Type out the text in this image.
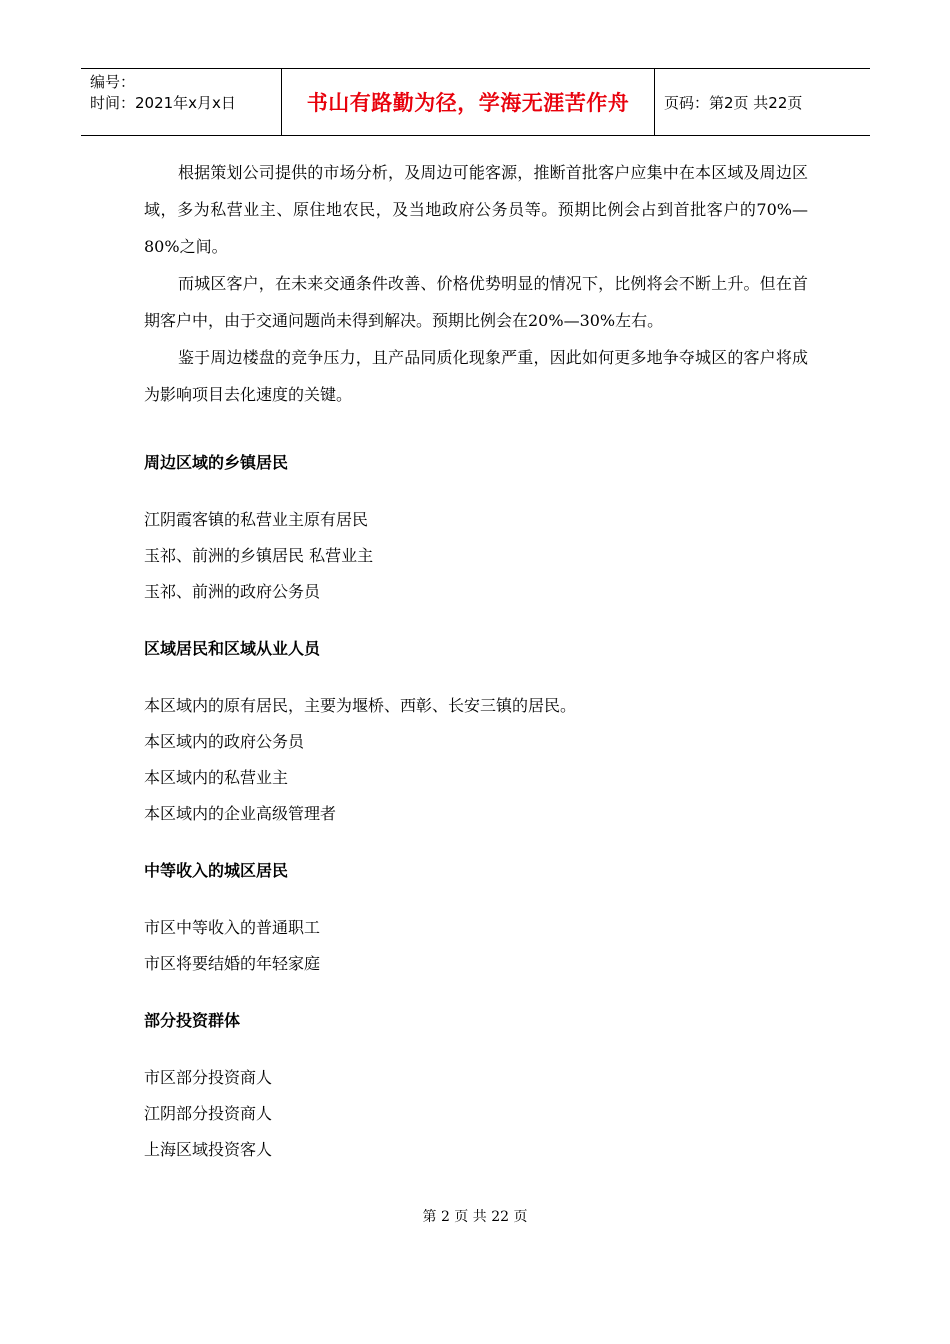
编号：
时间：2021年x月x日	书山有路勤为径，学海无涯苦作舟	页码：第2页 共22页

根据策划公司提供的市场分析，及周边可能客源，推断首批客户应集中在本区域及周边区域，多为私营业主、原住地农民，及当地政府公务员等。预期比例会占到首批客户的70%—80%之间。

而城区客户，在未来交通条件改善、价格优势明显的情况下，比例将会不断上升。但在首期客户中，由于交通问题尚未得到解决。预期比例会在20%—30%左右。

鉴于周边楼盘的竞争压力，且产品同质化现象严重，因此如何更多地争夺城区的客户将成为影响项目去化速度的关键。

周边区域的乡镇居民

江阴霞客镇的私营业主原有居民

玉祁、前洲的乡镇居民 私营业主

玉祁、前洲的政府公务员

区域居民和区域从业人员

本区域内的原有居民，主要为堰桥、西彰、长安三镇的居民。

本区域内的政府公务员

本区域内的私营业主

本区域内的企业高级管理者

中等收入的城区居民

市区中等收入的普通职工

市区将要结婚的年轻家庭

部分投资群体

市区部分投资商人

江阴部分投资商人

上海区域投资客人

第 2 页 共 22 页
